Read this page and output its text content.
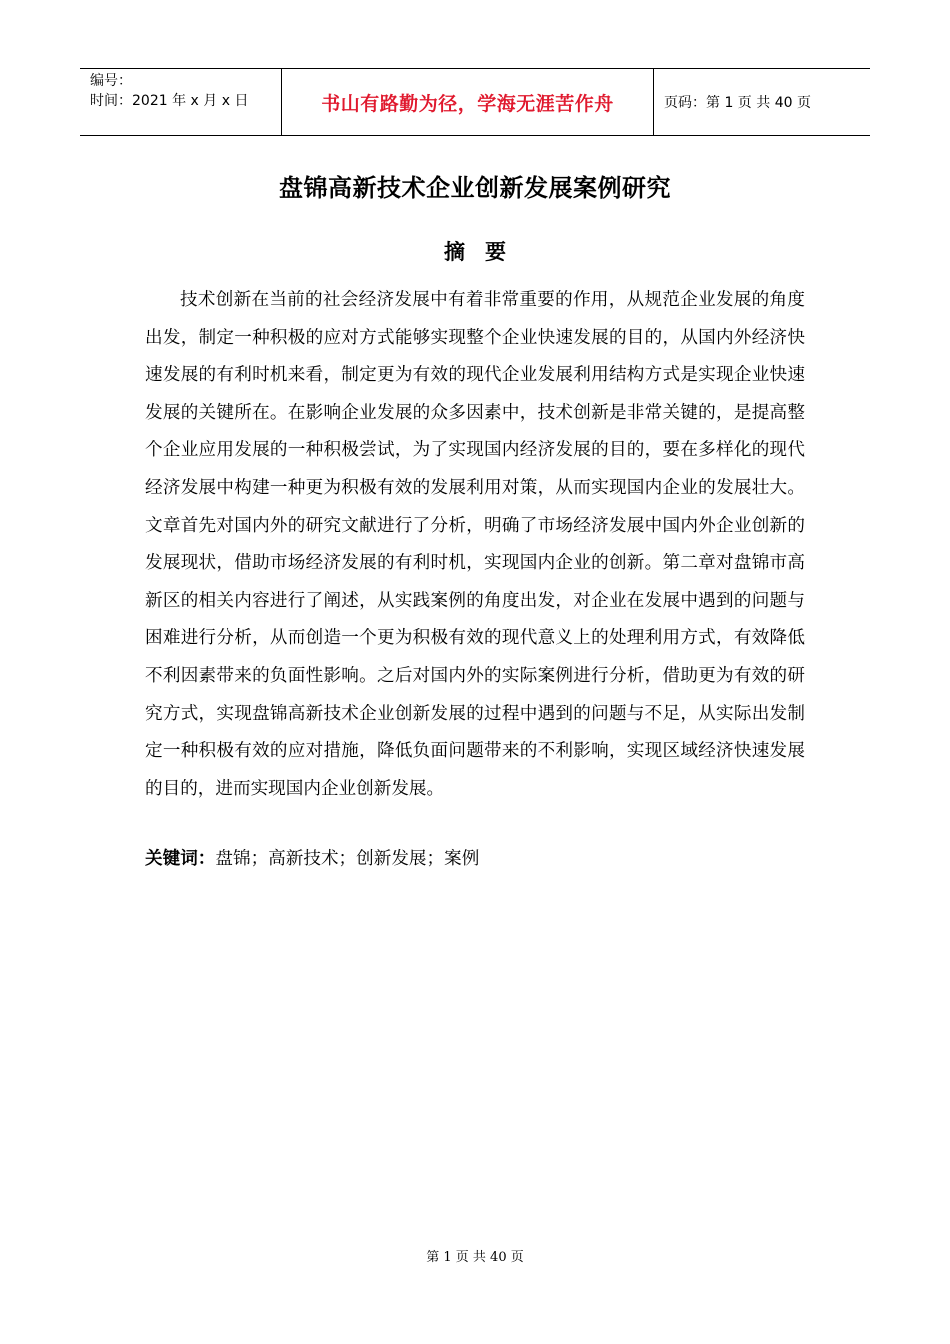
编号：
时间：2021 年 x 月 x 日	书山有路勤为径，学海无涯苦作舟	页码：第 1 页 共 40 页
盘锦高新技术企业创新发展案例研究
摘要

技术创新在当前的社会经济发展中有着非常重要的作用，从规范企业发展的角度出发，制定一种积极的应对方式能够实现整个企业快速发展的目的，从国内外经济快速发展的有利时机来看，制定更为有效的现代企业发展利用结构方式是实现企业快速发展的关键所在。在影响企业发展的众多因素中，技术创新是非常关键的，是提高整个企业应用发展的一种积极尝试，为了实现国内经济发展的目的，要在多样化的现代经济发展中构建一种更为积极有效的发展利用对策，从而实现国内企业的发展壮大。文章首先对国内外的研究文献进行了分析，明确了市场经济发展中国内外企业创新的发展现状，借助市场经济发展的有利时机，实现国内企业的创新。第二章对盘锦市高新区的相关内容进行了阐述，从实践案例的角度出发，对企业在发展中遇到的问题与困难进行分析，从而创造一个更为积极有效的现代意义上的处理利用方式，有效降低不利因素带来的负面性影响。之后对国内外的实际案例进行分析，借助更为有效的研究方式，实现盘锦高新技术企业创新发展的过程中遇到的问题与不足，从实际出发制定一种积极有效的应对措施，降低负面问题带来的不利影响，实现区域经济快速发展的目的，进而实现国内企业创新发展。

关键词：盘锦；高新技术；创新发展；案例
第 1 页 共 40 页
